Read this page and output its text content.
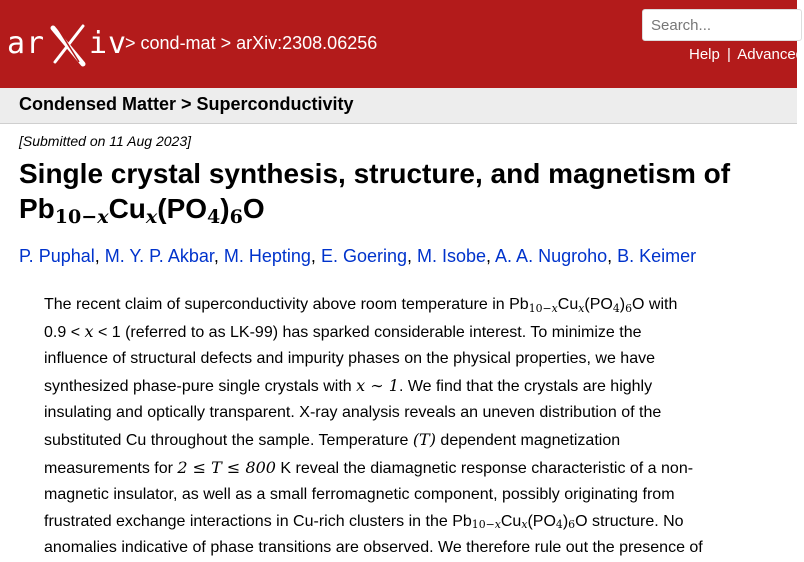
ar iv
> cond-mat > arXiv:2308.06256
Search...
Help | Advanced
Condensed Matter > Superconductivity
[Submitted on 11 Aug 2023]
Single crystal synthesis, structure, and magnetism of
$Pb_{10-x}Cu_x(PO_4)_6O$
P. Puphal, M. Y. P. Akbar, M. Hepting, E. Goering, M. Isobe, A. A. Nugroho, B. Keimer
The recent claim of superconductivity above room temperature in $Pb_{10-x}Cu_x(PO_4)_6O$ with
0.9 < x < 1 (referred to as LK-99) has sparked considerable interest. To minimize the
influence of structural defects and impurity phases on the physical properties, we have
synthesized phase-pure single crystals with x ∼ 1. We find that the crystals are highly
insulating and optically transparent. X-ray analysis reveals an uneven distribution of the
substituted Cu throughout the sample. Temperature (T) dependent magnetization
measurements for 2 ≤ T ≤ 800 K reveal the diamagnetic response characteristic of a non-
magnetic insulator, as well as a small ferromagnetic component, possibly originating from
frustrated exchange interactions in Cu-rich clusters in the $Pb_{10-x}Cu_x(PO_4)_6O$ structure. No
anomalies indicative of phase transitions are observed. We therefore rule out the presence of
